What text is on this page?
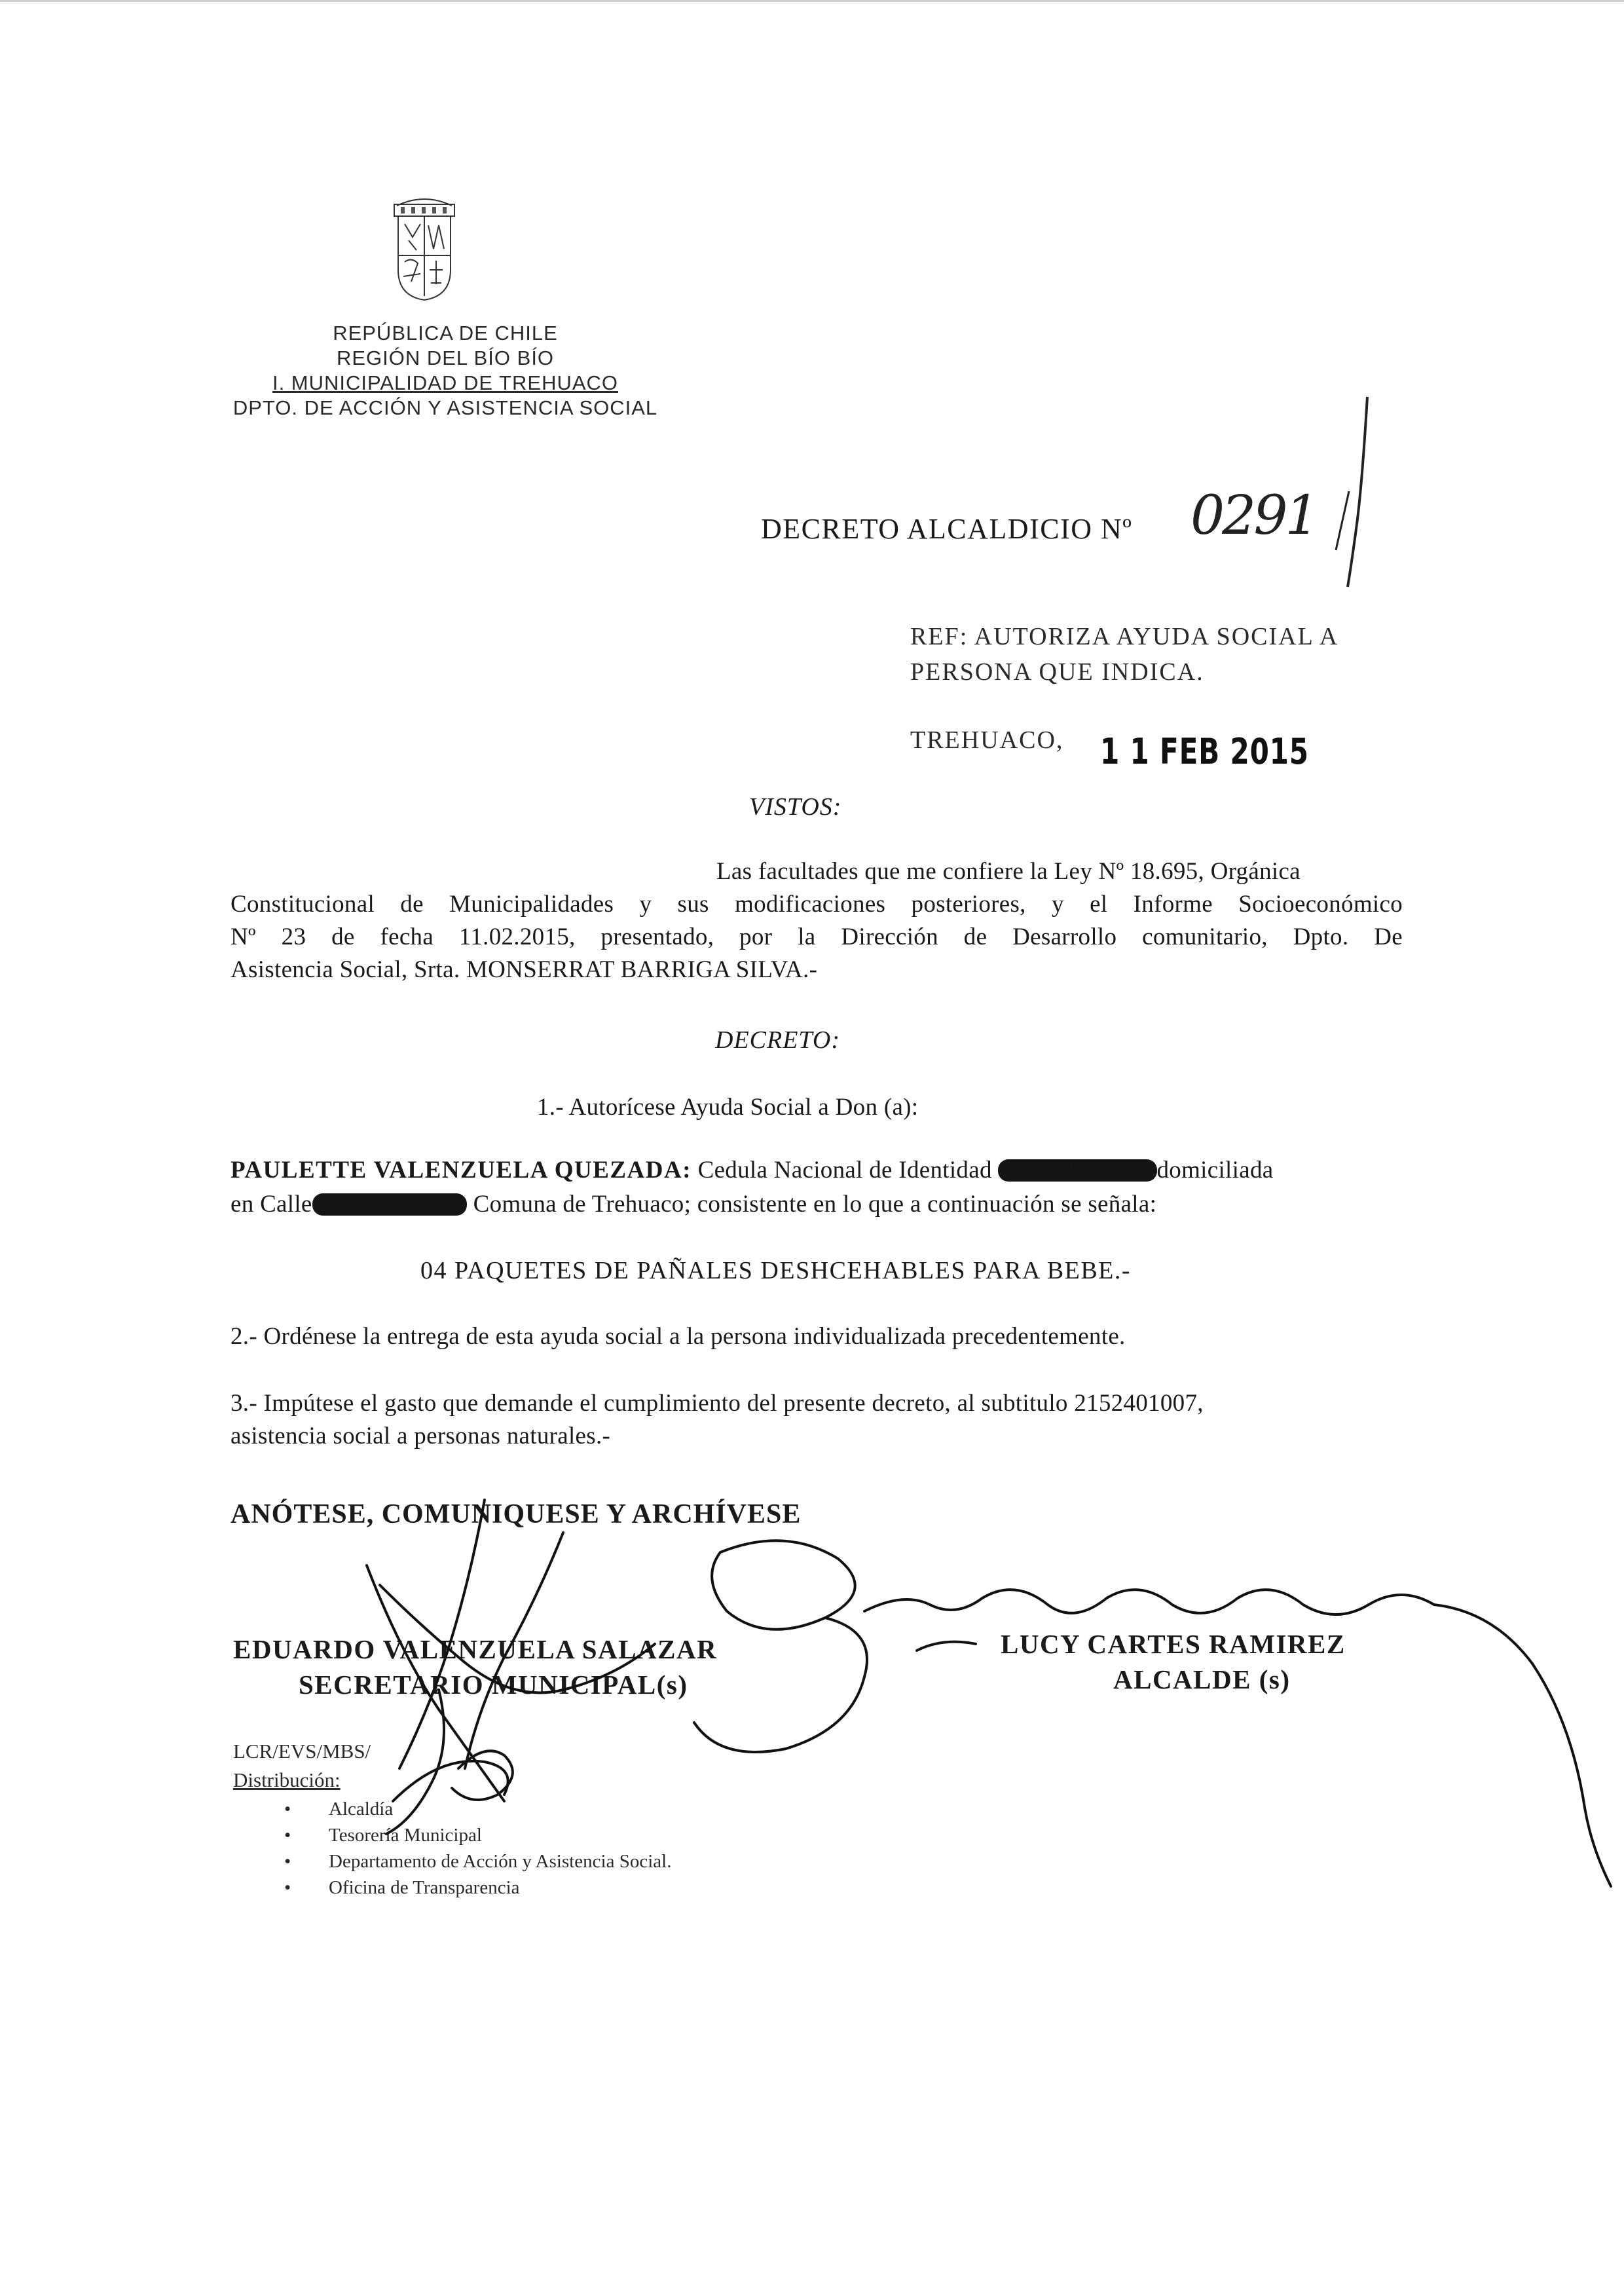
REPÚBLICA DE CHILE
REGIÓN DEL BÍO BÍO
I. MUNICIPALIDAD DE TREHUACO
DPTO. DE ACCIÓN Y ASISTENCIA SOCIAL
DECRETO ALCALDICIO Nº 0291
REF: AUTORIZA AYUDA SOCIAL A
PERSONA QUE INDICA.
TREHUACO, 1 1 FEB 2015
VISTOS:
Las facultades que me confiere la Ley Nº 18.695, Orgánica
Constitucional de Municipalidades y sus modificaciones posteriores, y el Informe Socioeconómico
Nº 23 de fecha 11.02.2015, presentado, por la Dirección de Desarrollo comunitario, Dpto. De
Asistencia Social, Srta. MONSERRAT BARRIGA SILVA.-
DECRETO:
1.- Autorícese Ayuda Social a Don (a):
PAULETTE VALENZUELA QUEZADA: Cedula Nacional de Identidad Nº 17055914-2 domiciliada
en Calle Arturo Prat s/n Comuna de Trehuaco; consistente en lo que a continuación se señala:
04 PAQUETES DE PAÑALES DESHCEHABLES PARA BEBE.-
2.- Ordénese la entrega de esta ayuda social a la persona individualizada precedentemente.
3.- Impútese el gasto que demande el cumplimiento del presente decreto, al subtitulo 2152401007,
asistencia social a personas naturales.-
ANÓTESE, COMUNIQUESE Y ARCHÍVESE
EDUARDO VALENZUELA SALAZAR
SECRETARIO MUNICIPAL(s)
LUCY CARTES RAMIREZ
ALCALDE (s)
LCR/EVS/MBS/
Distribución:
• Alcaldía
• Tesorería Municipal
• Departamento de Acción y Asistencia Social.
• Oficina de Transparencia
